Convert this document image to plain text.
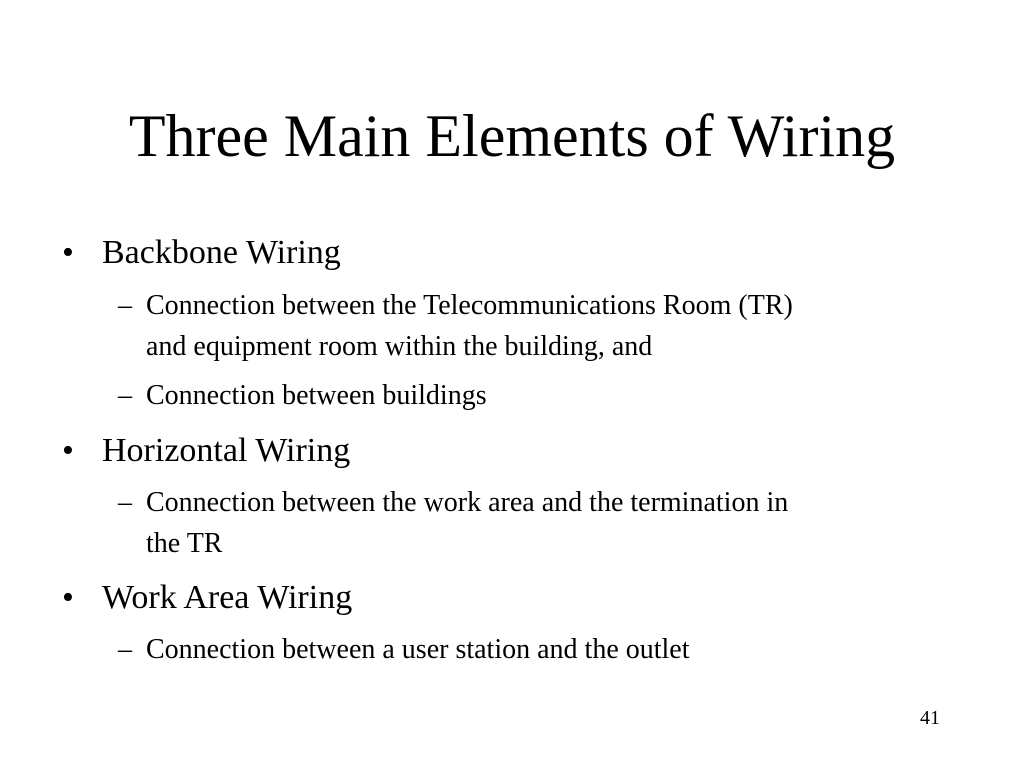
Three Main Elements of Wiring
• Backbone Wiring
– Connection between the Telecommunications Room (TR)
and equipment room within the building, and
– Connection between buildings
• Horizontal Wiring
– Connection between the work area and the termination in
the TR
• Work Area Wiring
– Connection between a user station and the outlet
41
